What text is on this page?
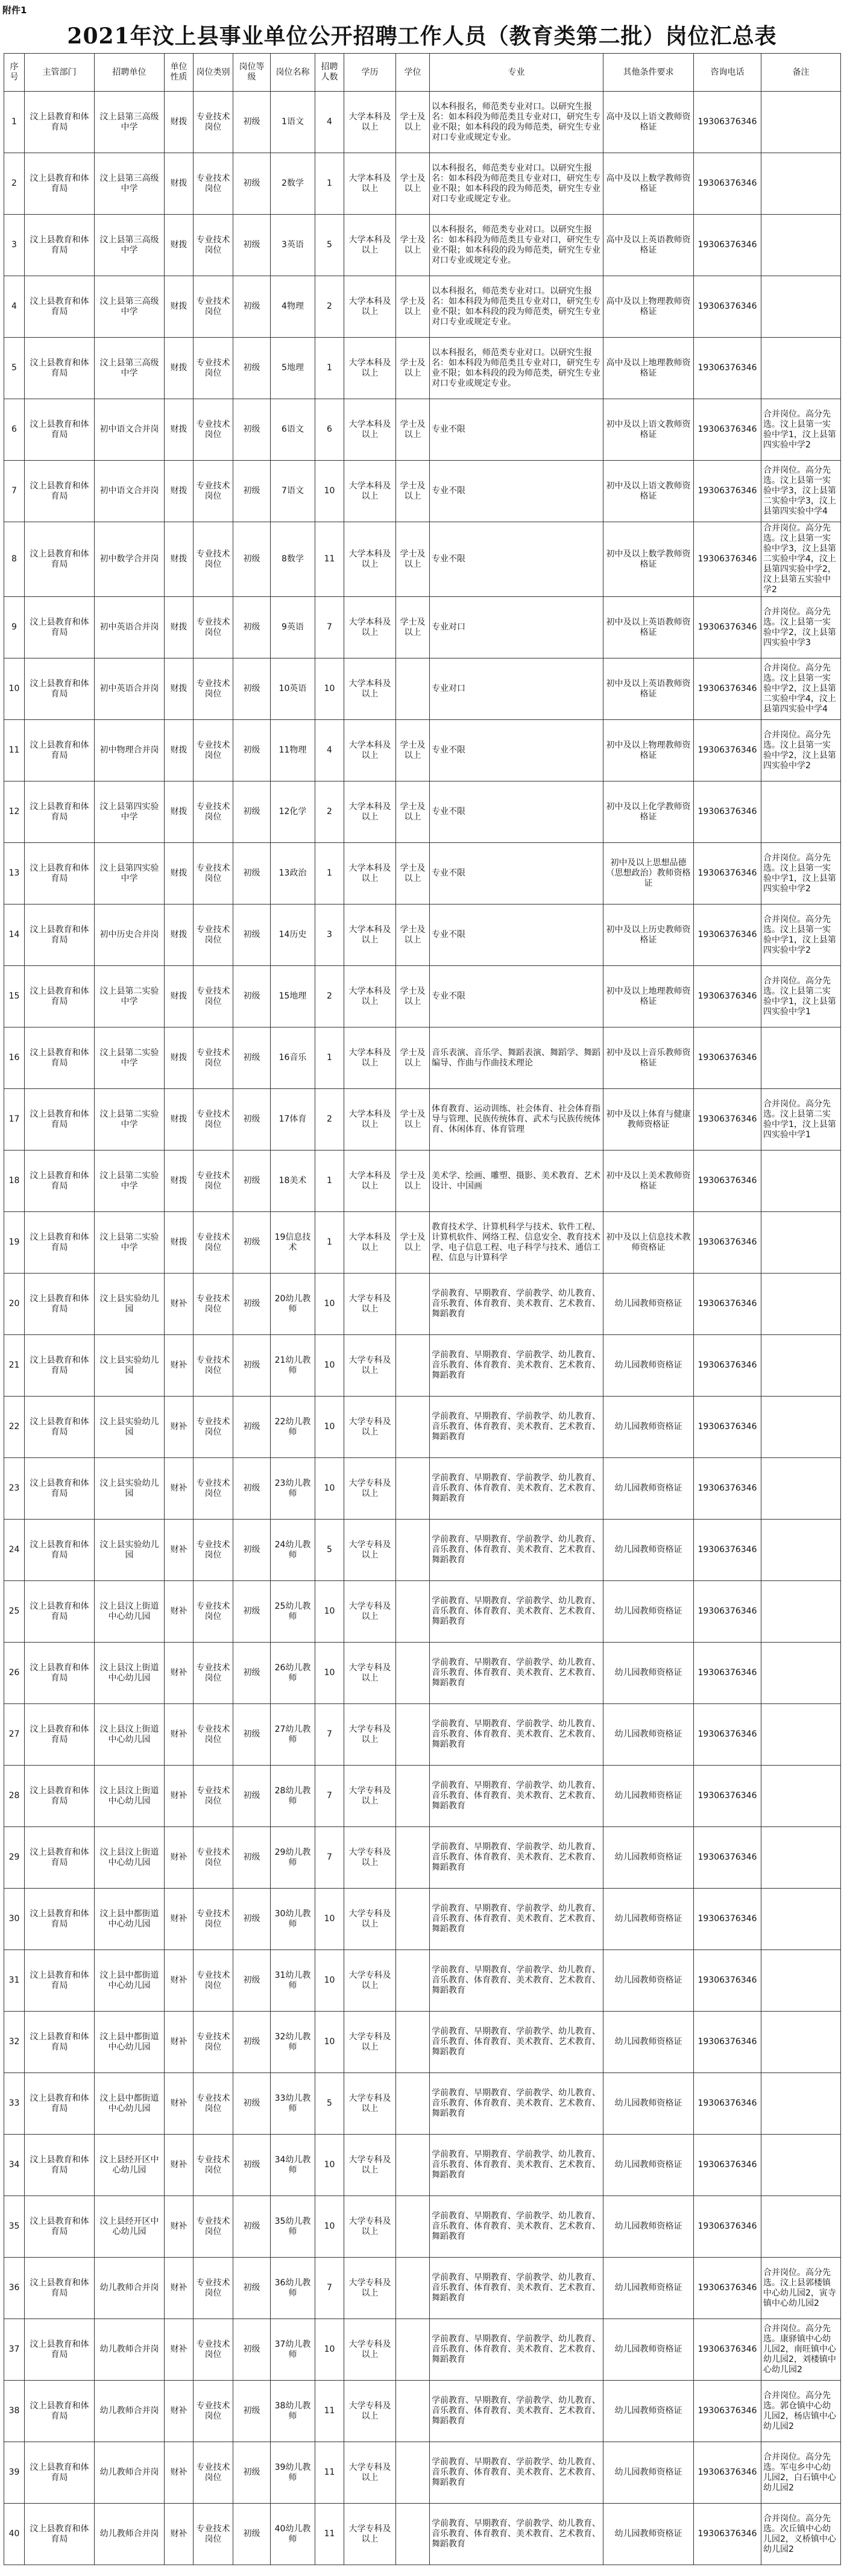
附件1
2021年汶上县事业单位公开招聘工作人员（教育类第二批）岗位汇总表
序号	主管部门	招聘单位	单位性质	岗位类别	岗位等级	岗位名称	招聘人数	学历	学位	专业	其他条件要求	咨询电话	备注
1	汶上县教育和体育局	汶上县第三高级中学	财拨	专业技术岗位	初级	1语文	4	大学本科及以上	学士及以上	以本科报名，师范类专业对口。以研究生报名：如本科段为师范类且专业对口，研究生专业不限；如本科段的段为师范类，研究生专业对口专业或规定专业。	高中及以上语文教师资格证	19306376346	
2	汶上县教育和体育局	汶上县第三高级中学	财拨	专业技术岗位	初级	2数学	1	大学本科及以上	学士及以上	以本科报名，师范类专业对口。以研究生报名：如本科段为师范类且专业对口，研究生专业不限；如本科段的段为师范类，研究生专业对口专业或规定专业。	高中及以上数学教师资格证	19306376346	
3	汶上县教育和体育局	汶上县第三高级中学	财拨	专业技术岗位	初级	3英语	5	大学本科及以上	学士及以上	以本科报名，师范类专业对口。以研究生报名：如本科段为师范类且专业对口，研究生专业不限；如本科段的段为师范类，研究生专业对口专业或规定专业。	高中及以上英语教师资格证	19306376346	
4	汶上县教育和体育局	汶上县第三高级中学	财拨	专业技术岗位	初级	4物理	2	大学本科及以上	学士及以上	以本科报名，师范类专业对口。以研究生报名：如本科段为师范类且专业对口，研究生专业不限；如本科段的段为师范类，研究生专业对口专业或规定专业。	高中及以上物理教师资格证	19306376346	
5	汶上县教育和体育局	汶上县第三高级中学	财拨	专业技术岗位	初级	5地理	1	大学本科及以上	学士及以上	以本科报名，师范类专业对口。以研究生报名：如本科段为师范类且专业对口，研究生专业不限；如本科段的段为师范类，研究生专业对口专业或规定专业。	高中及以上地理教师资格证	19306376346	
6	汶上县教育和体育局	初中语文合并岗	财拨	专业技术岗位	初级	6语文	6	大学本科及以上	学士及以上	专业不限	初中及以上语文教师资格证	19306376346	合并岗位。高分先选。汶上县第一实验中学1，汶上县第四实验中学2
7	汶上县教育和体育局	初中语文合并岗	财拨	专业技术岗位	初级	7语文	10	大学本科及以上	学士及以上	专业不限	初中及以上语文教师资格证	19306376346	合并岗位。高分先选。汶上县第一实验中学3，汶上县第二实验中学3，汶上县第四实验中学4
8	汶上县教育和体育局	初中数学合并岗	财拨	专业技术岗位	初级	8数学	11	大学本科及以上	学士及以上	专业不限	初中及以上数学教师资格证	19306376346	合并岗位。高分先选。汶上县第一实验中学3，汶上县第二实验中学4，汶上县第四实验中学2，汶上县第五实验中学2
9	汶上县教育和体育局	初中英语合并岗	财拨	专业技术岗位	初级	9英语	7	大学本科及以上	学士及以上	专业对口	初中及以上英语教师资格证	19306376346	合并岗位。高分先选。汶上县第一实验中学2，汶上县第四实验中学3
10	汶上县教育和体育局	初中英语合并岗	财拨	专业技术岗位	初级	10英语	10	大学本科及以上		专业对口	初中及以上英语教师资格证	19306376346	合并岗位。高分先选。汶上县第一实验中学2，汶上县第二实验中学4，汶上县第四实验中学4
11	汶上县教育和体育局	初中物理合并岗	财拨	专业技术岗位	初级	11物理	4	大学本科及以上	学士及以上	专业不限	初中及以上物理教师资格证	19306376346	合并岗位。高分先选。汶上县第一实验中学2，汶上县第四实验中学2
12	汶上县教育和体育局	汶上县第四实验中学	财拨	专业技术岗位	初级	12化学	2	大学本科及以上	学士及以上	专业不限	初中及以上化学教师资格证	19306376346	
13	汶上县教育和体育局	汶上县第四实验中学	财拨	专业技术岗位	初级	13政治	1	大学本科及以上	学士及以上	专业不限	初中及以上思想品德（思想政治）教师资格证	19306376346	合并岗位。高分先选。汶上县第一实验中学1，汶上县第四实验中学2
14	汶上县教育和体育局	初中历史合并岗	财拨	专业技术岗位	初级	14历史	3	大学本科及以上	学士及以上	专业不限	初中及以上历史教师资格证	19306376346	合并岗位。高分先选。汶上县第一实验中学1，汶上县第四实验中学2
15	汶上县教育和体育局	汶上县第二实验中学	财拨	专业技术岗位	初级	15地理	2	大学本科及以上	学士及以上	专业不限	初中及以上地理教师资格证	19306376346	合并岗位。高分先选。汶上县第二实验中学1，汶上县第四实验中学1
16	汶上县教育和体育局	汶上县第二实验中学	财拨	专业技术岗位	初级	16音乐	1	大学本科及以上	学士及以上	音乐表演、音乐学、舞蹈表演、舞蹈学、舞蹈编导、作曲与作曲技术理论	初中及以上音乐教师资格证	19306376346	
17	汶上县教育和体育局	汶上县第二实验中学	财拨	专业技术岗位	初级	17体育	2	大学本科及以上	学士及以上	体育教育、运动训练、社会体育、社会体育指导与管理、民族传统体育、武术与民族传统体育、休闲体育、体育管理	初中及以上体育与健康教师资格证	19306376346	合并岗位。高分先选。汶上县第二实验中学1，汶上县第四实验中学1
18	汶上县教育和体育局	汶上县第二实验中学	财拨	专业技术岗位	初级	18美术	1	大学本科及以上	学士及以上	美术学、绘画、雕塑、摄影、美术教育、艺术设计、中国画	初中及以上美术教师资格证	19306376346	
19	汶上县教育和体育局	汶上县第二实验中学	财拨	专业技术岗位	初级	19信息技术	1	大学本科及以上	学士及以上	教育技术学、计算机科学与技术、软件工程、计算机软件、网络工程、信息安全、教育技术学、电子信息工程、电子科学与技术、通信工程、信息与计算科学	初中及以上信息技术教师资格证	19306376346	
20	汶上县教育和体育局	汶上县实验幼儿园	财补	专业技术岗位	初级	20幼儿教师	10	大学专科及以上		学前教育、早期教育、学前教学、幼儿教育、音乐教育、体育教育、美术教育、艺术教育、舞蹈教育	幼儿园教师资格证	19306376346	
21	汶上县教育和体育局	汶上县实验幼儿园	财补	专业技术岗位	初级	21幼儿教师	10	大学专科及以上		学前教育、早期教育、学前教学、幼儿教育、音乐教育、体育教育、美术教育、艺术教育、舞蹈教育	幼儿园教师资格证	19306376346	
22	汶上县教育和体育局	汶上县实验幼儿园	财补	专业技术岗位	初级	22幼儿教师	10	大学专科及以上		学前教育、早期教育、学前教学、幼儿教育、音乐教育、体育教育、美术教育、艺术教育、舞蹈教育	幼儿园教师资格证	19306376346	
23	汶上县教育和体育局	汶上县实验幼儿园	财补	专业技术岗位	初级	23幼儿教师	10	大学专科及以上		学前教育、早期教育、学前教学、幼儿教育、音乐教育、体育教育、美术教育、艺术教育、舞蹈教育	幼儿园教师资格证	19306376346	
24	汶上县教育和体育局	汶上县实验幼儿园	财补	专业技术岗位	初级	24幼儿教师	5	大学专科及以上		学前教育、早期教育、学前教学、幼儿教育、音乐教育、体育教育、美术教育、艺术教育、舞蹈教育	幼儿园教师资格证	19306376346	
25	汶上县教育和体育局	汶上县汶上街道中心幼儿园	财补	专业技术岗位	初级	25幼儿教师	10	大学专科及以上		学前教育、早期教育、学前教学、幼儿教育、音乐教育、体育教育、美术教育、艺术教育、舞蹈教育	幼儿园教师资格证	19306376346	
26	汶上县教育和体育局	汶上县汶上街道中心幼儿园	财补	专业技术岗位	初级	26幼儿教师	10	大学专科及以上		学前教育、早期教育、学前教学、幼儿教育、音乐教育、体育教育、美术教育、艺术教育、舞蹈教育	幼儿园教师资格证	19306376346	
27	汶上县教育和体育局	汶上县汶上街道中心幼儿园	财补	专业技术岗位	初级	27幼儿教师	7	大学专科及以上		学前教育、早期教育、学前教学、幼儿教育、音乐教育、体育教育、美术教育、艺术教育、舞蹈教育	幼儿园教师资格证	19306376346	
28	汶上县教育和体育局	汶上县汶上街道中心幼儿园	财补	专业技术岗位	初级	28幼儿教师	7	大学专科及以上		学前教育、早期教育、学前教学、幼儿教育、音乐教育、体育教育、美术教育、艺术教育、舞蹈教育	幼儿园教师资格证	19306376346	
29	汶上县教育和体育局	汶上县汶上街道中心幼儿园	财补	专业技术岗位	初级	29幼儿教师	7	大学专科及以上		学前教育、早期教育、学前教学、幼儿教育、音乐教育、体育教育、美术教育、艺术教育、舞蹈教育	幼儿园教师资格证	19306376346	
30	汶上县教育和体育局	汶上县中都街道中心幼儿园	财补	专业技术岗位	初级	30幼儿教师	10	大学专科及以上		学前教育、早期教育、学前教学、幼儿教育、音乐教育、体育教育、美术教育、艺术教育、舞蹈教育	幼儿园教师资格证	19306376346	
31	汶上县教育和体育局	汶上县中都街道中心幼儿园	财补	专业技术岗位	初级	31幼儿教师	10	大学专科及以上		学前教育、早期教育、学前教学、幼儿教育、音乐教育、体育教育、美术教育、艺术教育、舞蹈教育	幼儿园教师资格证	19306376346	
32	汶上县教育和体育局	汶上县中都街道中心幼儿园	财补	专业技术岗位	初级	32幼儿教师	10	大学专科及以上		学前教育、早期教育、学前教学、幼儿教育、音乐教育、体育教育、美术教育、艺术教育、舞蹈教育	幼儿园教师资格证	19306376346	
33	汶上县教育和体育局	汶上县中都街道中心幼儿园	财补	专业技术岗位	初级	33幼儿教师	5	大学专科及以上		学前教育、早期教育、学前教学、幼儿教育、音乐教育、体育教育、美术教育、艺术教育、舞蹈教育	幼儿园教师资格证	19306376346	
34	汶上县教育和体育局	汶上县经开区中心幼儿园	财补	专业技术岗位	初级	34幼儿教师	10	大学专科及以上		学前教育、早期教育、学前教学、幼儿教育、音乐教育、体育教育、美术教育、艺术教育、舞蹈教育	幼儿园教师资格证	19306376346	
35	汶上县教育和体育局	汶上县经开区中心幼儿园	财补	专业技术岗位	初级	35幼儿教师	10	大学专科及以上		学前教育、早期教育、学前教学、幼儿教育、音乐教育、体育教育、美术教育、艺术教育、舞蹈教育	幼儿园教师资格证	19306376346	
36	汶上县教育和体育局	幼儿教师合并岗	财补	专业技术岗位	初级	36幼儿教师	7	大学专科及以上		学前教育、早期教育、学前教学、幼儿教育、音乐教育、体育教育、美术教育、艺术教育、舞蹈教育	幼儿园教师资格证	19306376346	合并岗位。高分先选。汶上县郭楼镇中心幼儿园2，寅寺镇中心幼儿园2
37	汶上县教育和体育局	幼儿教师合并岗	财补	专业技术岗位	初级	37幼儿教师	10	大学专科及以上		学前教育、早期教育、学前教学、幼儿教育、音乐教育、体育教育、美术教育、艺术教育、舞蹈教育	幼儿园教师资格证	19306376346	合并岗位。高分先选。康驿镇中心幼儿园2，南旺镇中心幼儿园2，刘楼镇中心幼儿园2
38	汶上县教育和体育局	幼儿教师合并岗	财补	专业技术岗位	初级	38幼儿教师	11	大学专科及以上		学前教育、早期教育、学前教学、幼儿教育、音乐教育、体育教育、美术教育、艺术教育、舞蹈教育	幼儿园教师资格证	19306376346	合并岗位。高分先选。郭仓镇中心幼儿园2，杨店镇中心幼儿园2
39	汶上县教育和体育局	幼儿教师合并岗	财补	专业技术岗位	初级	39幼儿教师	11	大学专科及以上		学前教育、早期教育、学前教学、幼儿教育、音乐教育、体育教育、美术教育、艺术教育、舞蹈教育	幼儿园教师资格证	19306376346	合并岗位。高分先选。军屯乡中心幼儿园2，白石镇中心幼儿园2
40	汶上县教育和体育局	幼儿教师合并岗	财补	专业技术岗位	初级	40幼儿教师	11	大学专科及以上		学前教育、早期教育、学前教学、幼儿教育、音乐教育、体育教育、美术教育、艺术教育、舞蹈教育	幼儿园教师资格证	19306376346	合并岗位。高分先选。次丘镇中心幼儿园2，义桥镇中心幼儿园2
